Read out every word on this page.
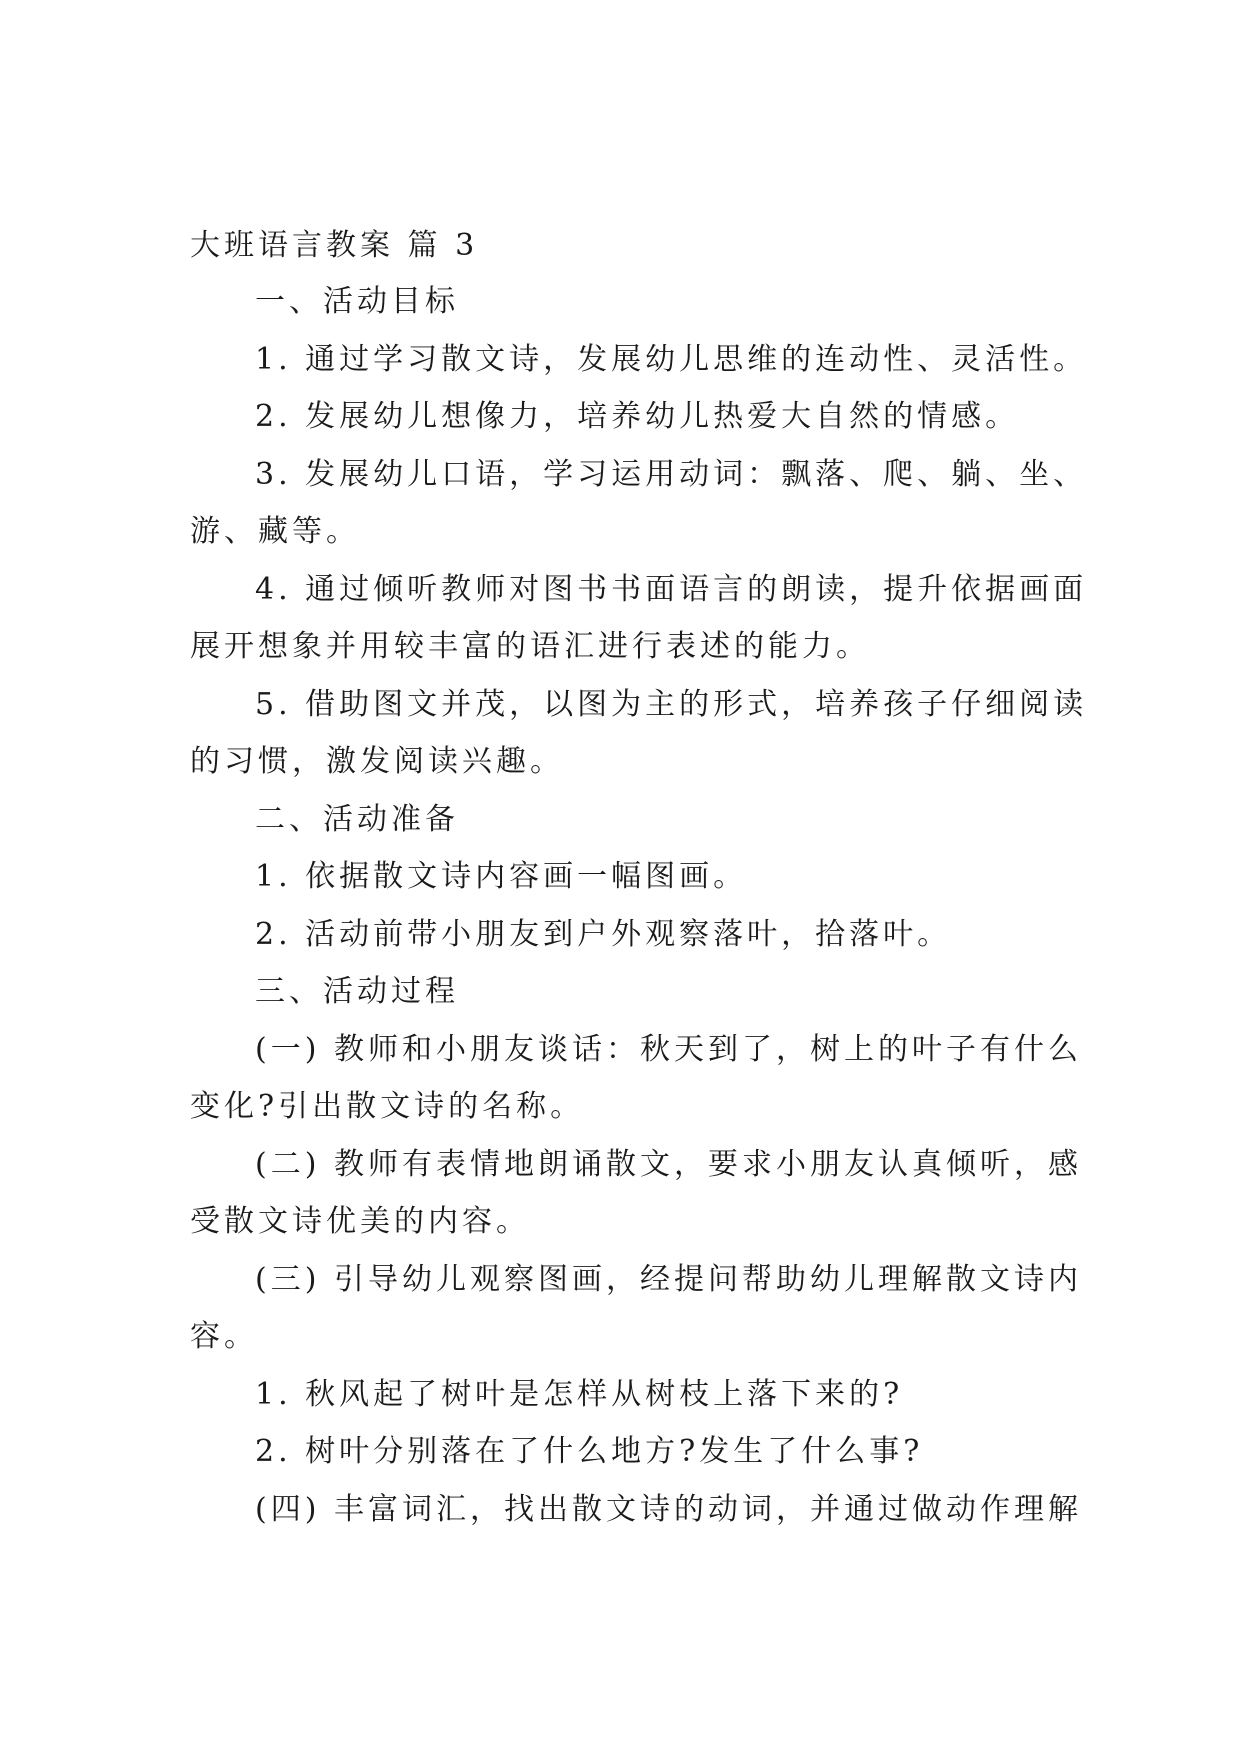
大班语言教案 篇 3
一、活动目标
1. 通过学习散文诗，发展幼儿思维的连动性、灵活性。
2. 发展幼儿想像力，培养幼儿热爱大自然的情感。
3. 发展幼儿口语，学习运用动词：飘落、爬、躺、坐、
游、藏等。
4. 通过倾听教师对图书书面语言的朗读，提升依据画面
展开想象并用较丰富的语汇进行表述的能力。
5. 借助图文并茂，以图为主的形式，培养孩子仔细阅读
的习惯，激发阅读兴趣。
二、活动准备
1. 依据散文诗内容画一幅图画。
2. 活动前带小朋友到户外观察落叶，拾落叶。
三、活动过程
(一) 教师和小朋友谈话：秋天到了，树上的叶子有什么
变化?引出散文诗的名称。
(二) 教师有表情地朗诵散文，要求小朋友认真倾听，感
受散文诗优美的内容。
(三) 引导幼儿观察图画，经提问帮助幼儿理解散文诗内
容。
1. 秋风起了树叶是怎样从树枝上落下来的?
2. 树叶分别落在了什么地方?发生了什么事?
(四) 丰富词汇，找出散文诗的动词，并通过做动作理解
